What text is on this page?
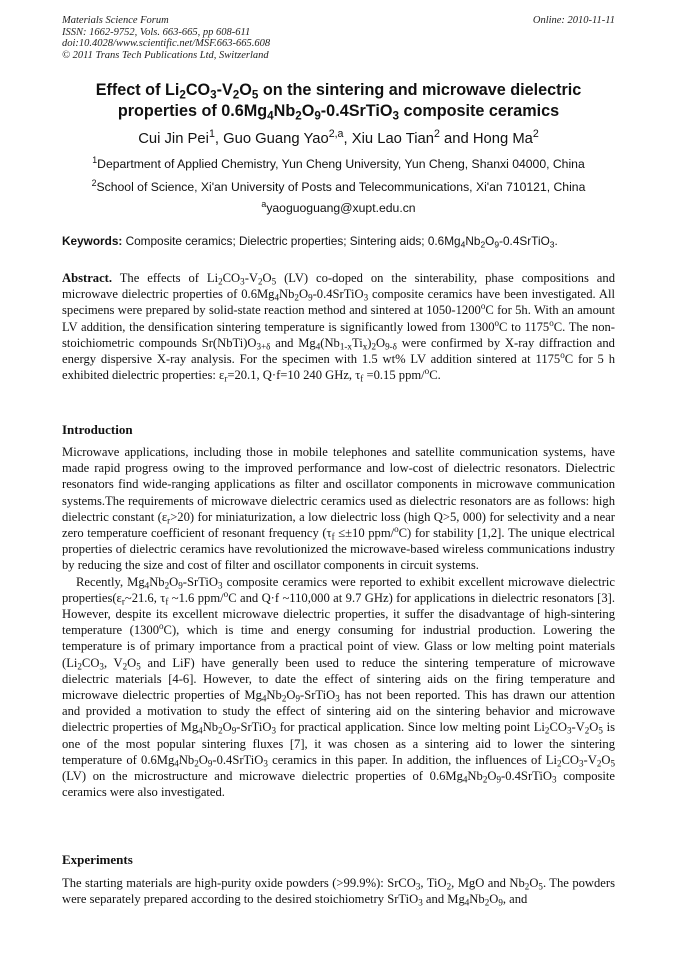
Materials Science Forum
ISSN: 1662-9752, Vols. 663-665, pp 608-611
doi:10.4028/www.scientific.net/MSF.663-665.608
© 2011 Trans Tech Publications Ltd, Switzerland
Online: 2010-11-11
Effect of $Li_2CO_3-V_2O_5$ on the sintering and microwave dielectric
properties of $0.6Mg_4Nb_2O_9-0.4SrTiO_3$ composite ceramics
Cui Jin Pei$^1$, Guo Guang Yao$^{2,a}$, Xiu Lao Tian$^2$ and Hong Ma$^2$
$^1$Department of Applied Chemistry, Yun Cheng University, Yun Cheng, Shanxi 04000, China
$^2$School of Science, Xi'an University of Posts and Telecommunications, Xi'an 710121, China
$^a$yaoguoguang@xupt.edu.cn
Keywords: Composite ceramics; Dielectric properties; Sintering aids; $0.6Mg_4Nb_2O_9-0.4SrTiO_3$.

Abstract. The effects of $Li_2CO_3-V_2O_5$ (LV) co-doped on the sinterability, phase compositions and microwave dielectric properties of $0.6Mg_4Nb_2O_9-0.4SrTiO_3$ composite ceramics have been investigated. All specimens were prepared by solid-state reaction method and sintered at 1050-1200$^o$C for 5h. With an amount LV addition, the densification sintering temperature is significantly lowed from 1300$^o$C to 1175$^o$C. The non-stoichiometric compounds $Sr(NbTi)O_{3+\delta}$ and $Mg_4(Nb_{1-x}Ti_x)_2O_{9-\delta}$ were confirmed by X-ray diffraction and energy dispersive X-ray analysis. For the specimen with 1.5 wt% LV addition sintered at 1175$^o$C for 5 h exhibited dielectric properties: $\varepsilon_r=20.1$, Q·f=10 240 GHz, $\tau_f =0.15$ ppm/$^o$C.

Introduction

Microwave applications, including those in mobile telephones and satellite communication systems, have made rapid progress owing to the improved performance and low-cost of dielectric resonators. Dielectric resonators find wide-ranging applications as filter and oscillator components in microwave communication systems.The requirements of microwave dielectric ceramics used as dielectric resonators are as follows: high dielectric constant $(\varepsilon_r>20)$ for miniaturization, a low dielectric loss (high Q>5, 000) for selectivity and a near zero temperature coefficient of resonant frequency ($\tau_f \le\pm 10$ ppm/$^o$C) for stability [1,2]. The unique electrical properties of dielectric ceramics have revolutionized the microwave-based wireless communications industry by reducing the size and cost of filter and oscillator components in circuit systems.

Recently, $Mg_4Nb_2O_9-SrTiO_3$ composite ceramics were reported to exhibit excellent microwave dielectric $properties(\varepsilon_r\sim 21.6$, $\tau_f$ ~1.6 ppm/$^o$C and Q·f ~110,000 at 9.7 GHz) for applications in dielectric resonators [3]. However, despite its excellent microwave dielectric properties, it suffer the disadvantage of high-sintering temperature (1300$^o$C), which is time and energy consuming for industrial production. Lowering the temperature is of primary importance from a practical point of view. Glass or low melting point materials ($Li_2CO_3$, $V_2O_5$ and LiF) have generally been used to reduce the sintering temperature of microwave dielectric materials [4-6]. However, to date the effect of sintering aids on the firing temperature and microwave dielectric properties of $Mg_4Nb_2O_9-SrTiO_3$ has not been reported. This has drawn our attention and provided a motivation to study the effect of sintering aid on the sintering behavior and microwave dielectric properties of $Mg_4Nb_2O_9-SrTiO_3$ for practical application. Since low melting point $Li_2CO_3-V_2O_5$ is one of the most popular sintering fluxes [7], it was chosen as a sintering aid to lower the sintering temperature of $0.6Mg_4Nb_2O_9-0.4SrTiO_3$ ceramics in this paper. In addition, the influences of $Li_2CO_3-V_2O_5$ (LV) on the microstructure and microwave dielectric properties of $0.6Mg_4Nb_2O_9-0.4SrTiO_3$ composite ceramics were also investigated.

Experiments

The starting materials are high-purity oxide powders (>99.9%): SrCO$_3$, TiO$_2$, MgO and $Nb_2O_5$. The powders were separately prepared according to the desired stoichiometry SrTiO$_3$ and $Mg_4Nb_2O_9$, and
